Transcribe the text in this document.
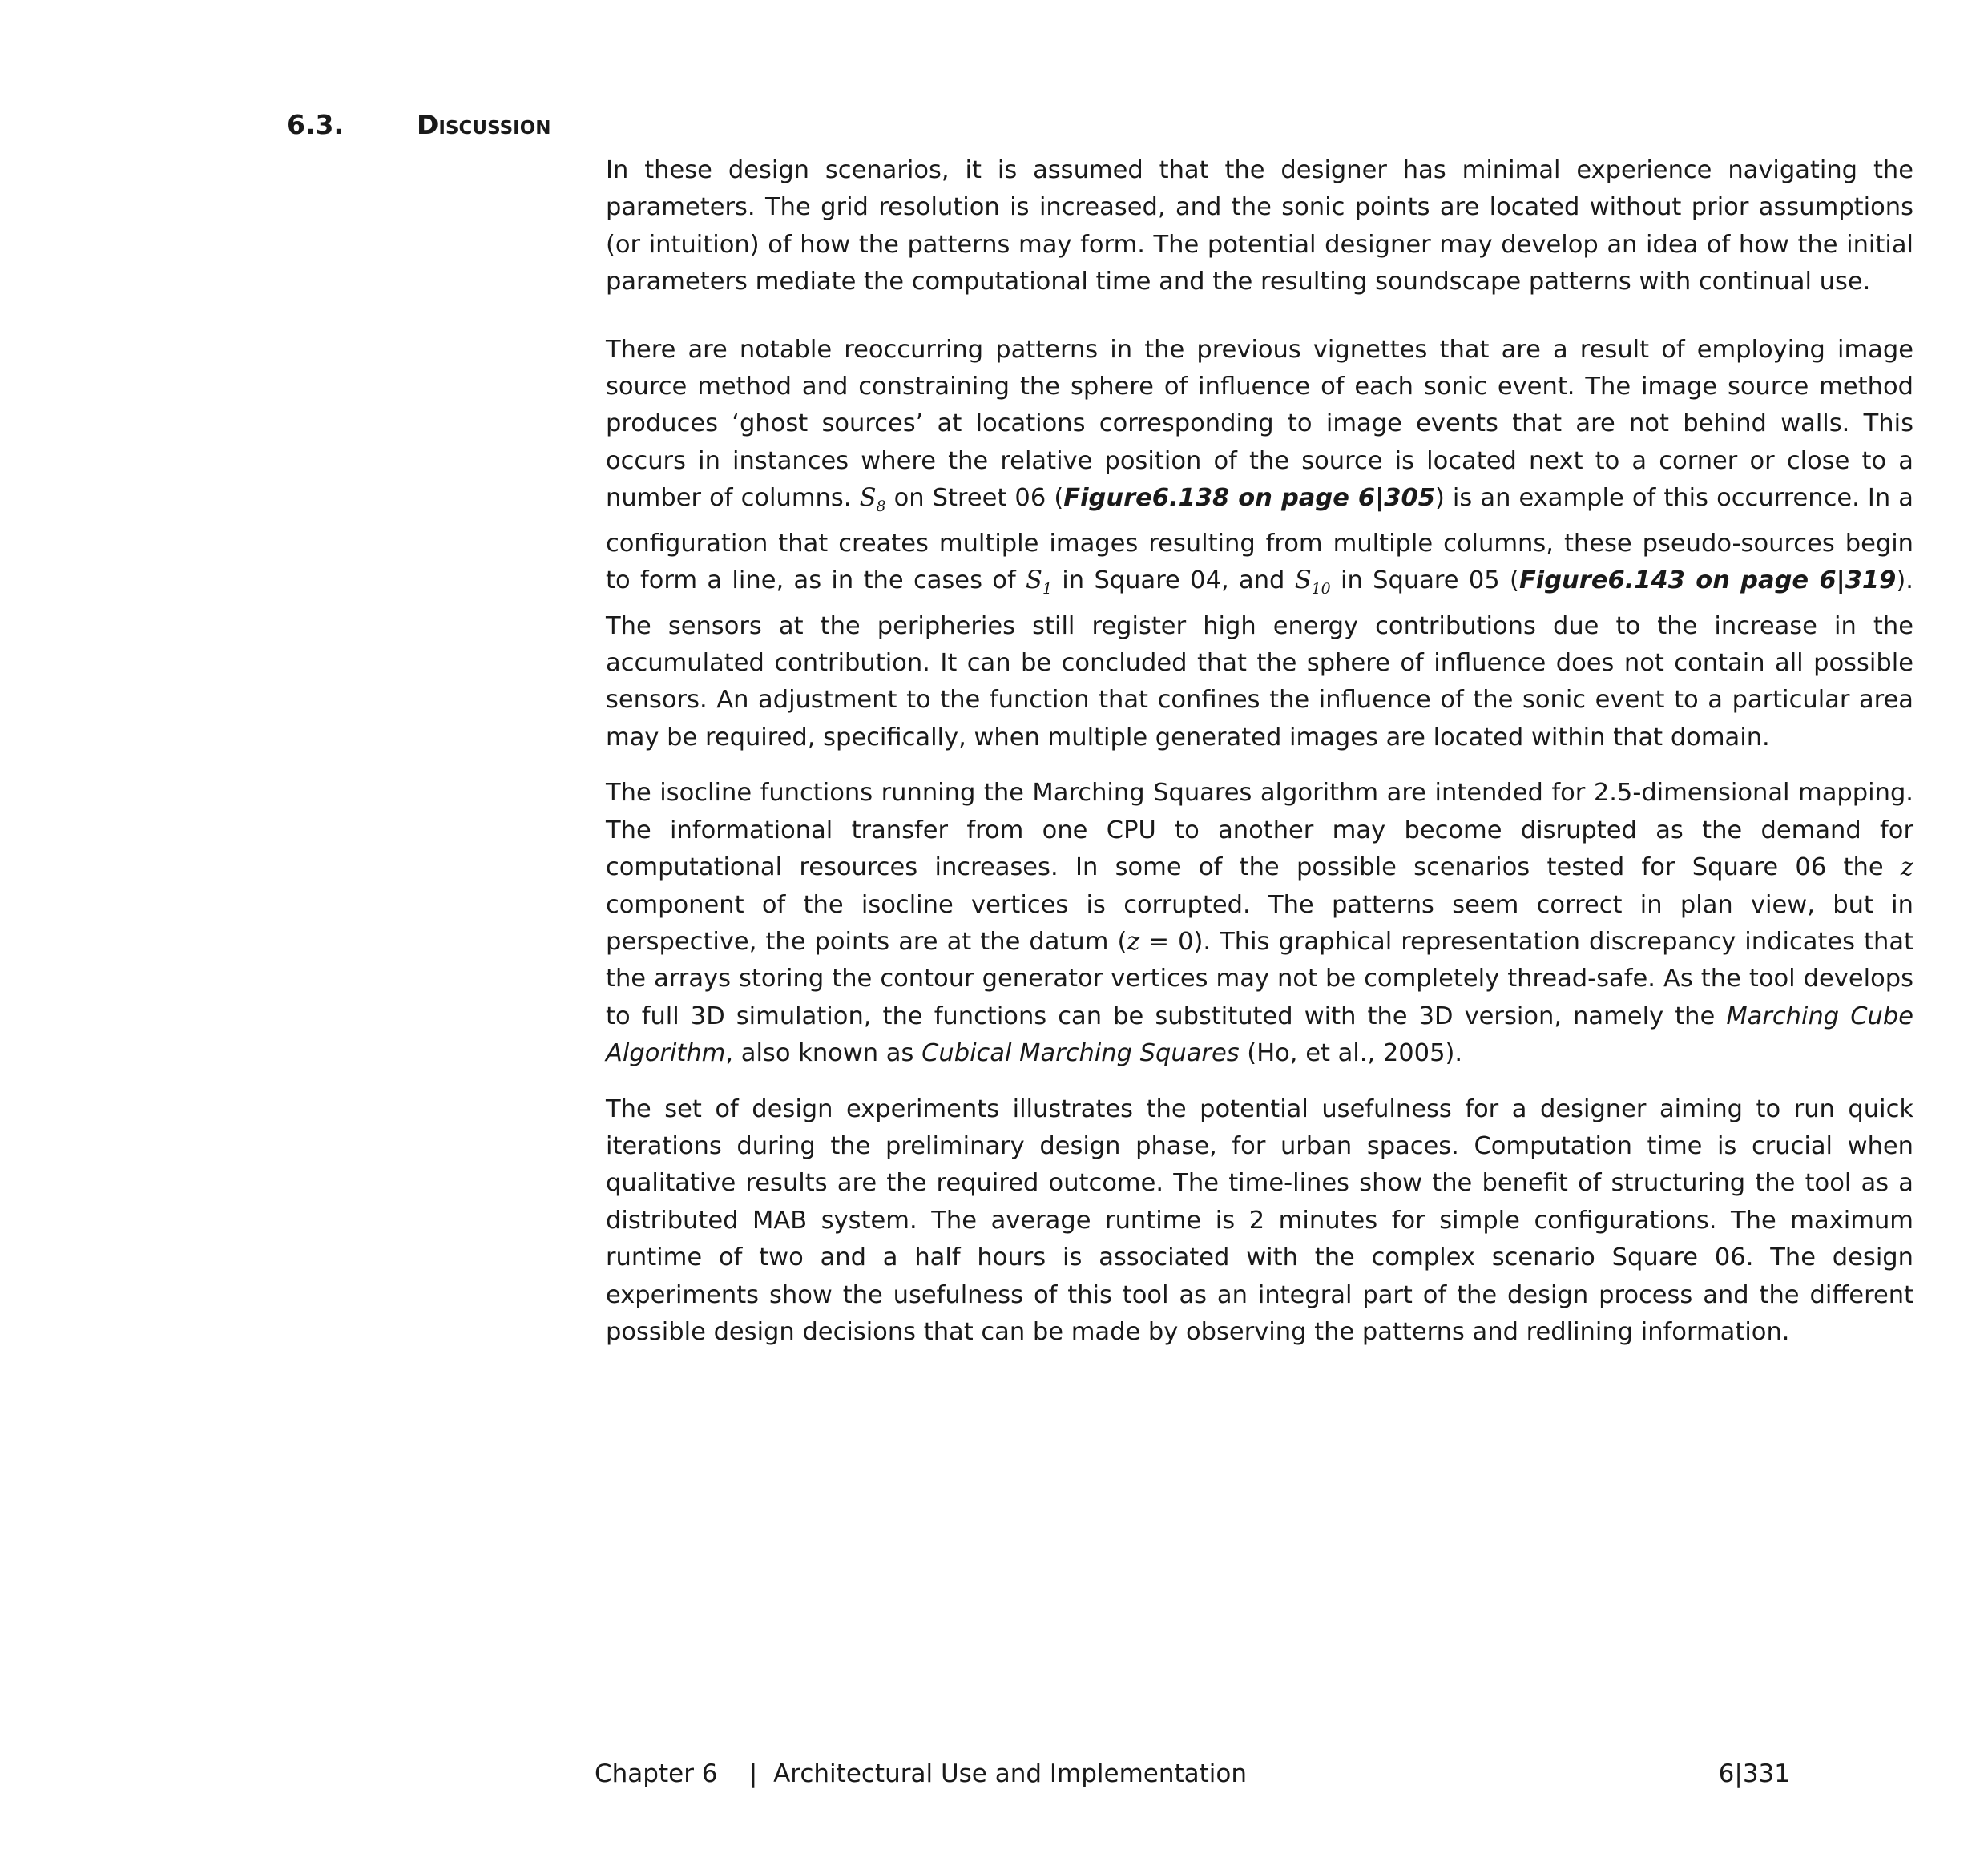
6.3.	Discussion

In these design scenarios, it is assumed that the designer has minimal experience navigating the parameters. The grid resolution is increased, and the sonic points are located without prior assumptions (or intuition) of how the patterns may form. The potential designer may develop an idea of how the initial parameters mediate the computational time and the resulting soundscape patterns with continual use.

There are notable reoccurring patterns in the previous vignettes that are a result of employing image source method and constraining the sphere of influence of each sonic event. The image source method produces ‘ghost sources’ at locations corresponding to image events that are not behind walls. This occurs in instances where the relative position of the source is located next to a corner or close to a number of columns. $S_8$ on Street 06 (Figure6.138 on page 6|305) is an example of this occurrence. In a configuration that creates multiple images resulting from multiple columns, these pseudo-sources begin to form a line, as in the cases of $S_1$ in Square 04, and $S_{10}$ in Square 05 (Figure6.143 on page 6|319). The sensors at the peripheries still register high energy contributions due to the increase in the accumulated contribution. It can be concluded that the sphere of influence does not contain all possible sensors. An adjustment to the function that confines the influence of the sonic event to a particular area may be required, specifically, when multiple generated images are located within that domain.

The isocline functions running the Marching Squares algorithm are intended for 2.5-dimensional mapping. The informational transfer from one CPU to another may become disrupted as the demand for computational resources increases. In some of the possible scenarios tested for Square 06 the z component of the isocline vertices is corrupted. The patterns seem correct in plan view, but in perspective, the points are at the datum (z = 0). This graphical representation discrepancy indicates that the arrays storing the contour generator vertices may not be completely thread-safe. As the tool develops to full 3D simulation, the functions can be substituted with the 3D version, namely the Marching Cube Algorithm, also known as Cubical Marching Squares (Ho, et al., 2005).

The set of design experiments illustrates the potential usefulness for a designer aiming to run quick iterations during the preliminary design phase, for urban spaces. Computation time is crucial when qualitative results are the required outcome. The time-lines show the benefit of structuring the tool as a distributed MAB system. The average runtime is 2 minutes for simple configurations. The maximum runtime of two and a half hours is associated with the complex scenario Square 06. The design experiments show the usefulness of this tool as an integral part of the design process and the different possible design decisions that can be made by observing the patterns and redlining information.

Chapter 6    |  Architectural Use and Implementation	6|331
